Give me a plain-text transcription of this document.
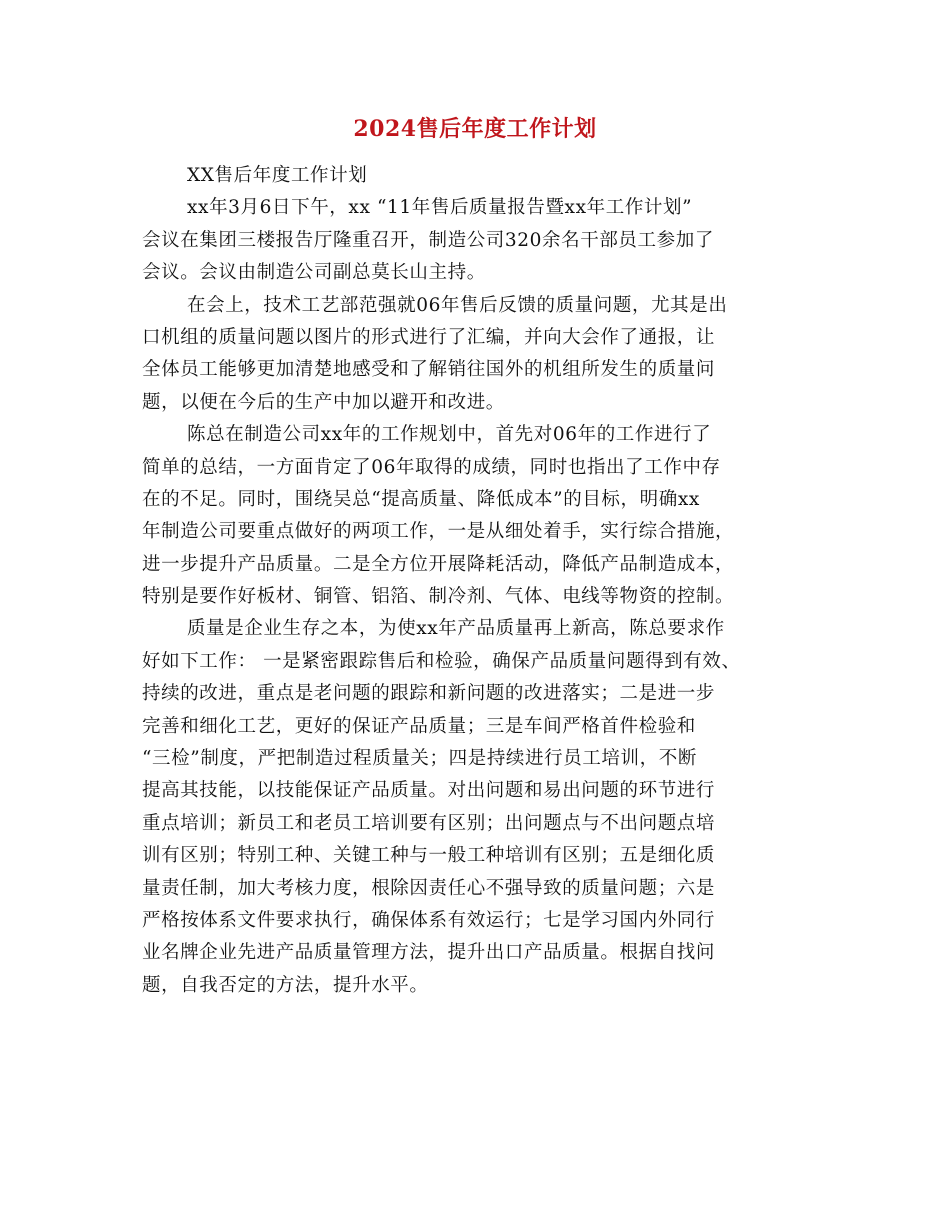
2024售后年度工作计划
XX售后年度工作计划
xx年3月6日下午，xx “11年售后质量报告暨xx年工作计划”
会议在集团三楼报告厅隆重召开，制造公司320余名干部员工参加了
会议。会议由制造公司副总莫长山主持。
在会上，技术工艺部范强就06年售后反馈的质量问题，尤其是出
口机组的质量问题以图片的形式进行了汇编，并向大会作了通报，让
全体员工能够更加清楚地感受和了解销往国外的机组所发生的质量问
题，以便在今后的生产中加以避开和改进。
陈总在制造公司xx年的工作规划中，首先对06年的工作进行了
简单的总结，一方面肯定了06年取得的成绩，同时也指出了工作中存
在的不足。同时，围绕吴总“提高质量、降低成本”的目标，明确xx
年制造公司要重点做好的两项工作，一是从细处着手，实行综合措施，
进一步提升产品质量。二是全方位开展降耗活动，降低产品制造成本，
特别是要作好板材、铜管、铝箔、制冷剂、气体、电线等物资的控制。
质量是企业生存之本，为使xx年产品质量再上新高，陈总要求作
好如下工作： 一是紧密跟踪售后和检验，确保产品质量问题得到有效、
持续的改进，重点是老问题的跟踪和新问题的改进落实；二是进一步
完善和细化工艺，更好的保证产品质量；三是车间严格首件检验和
“三检”制度，严把制造过程质量关；四是持续进行员工培训，不断
提高其技能，以技能保证产品质量。对出问题和易出问题的环节进行
重点培训；新员工和老员工培训要有区别；出问题点与不出问题点培
训有区别；特别工种、关键工种与一般工种培训有区别；五是细化质
量责任制，加大考核力度，根除因责任心不强导致的质量问题；六是
严格按体系文件要求执行，确保体系有效运行；七是学习国内外同行
业名牌企业先进产品质量管理方法，提升出口产品质量。根据自找问
题，自我否定的方法，提升水平。
